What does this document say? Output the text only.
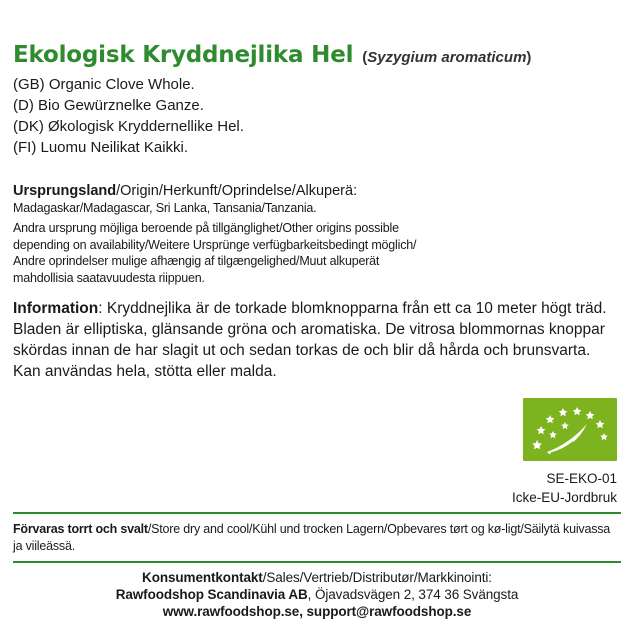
Ekologisk Kryddnejlika Hel (Syzygium aromaticum)
(GB) Organic Clove Whole.
(D) Bio Gewürznelke Ganze.
(DK) Økologisk Kryddernellike Hel.
(FI) Luomu Neilikat Kaikki.
Ursprungsland/Origin/Herkunft/Oprindelse/Alkuperä:
Madagaskar/Madagascar, Sri Lanka, Tansania/Tanzania.
Andra ursprung möjliga beroende på tillgänglighet/Other origins possible
depending on availability/Weitere Ursprünge verfügbarkeitsbedingt möglich/
Andre oprindelser mulige afhængig af tilgængelighed/Muut alkuperät
mahdollisia saatavuudesta riippuen.
Information: Kryddnejlika är de torkade blomknopparna från ett ca 10 meter högt träd. Bladen är elliptiska, glänsande gröna och aromatiska. De vitrosa blommornas knoppar skördas innan de har slagit ut och sedan torkas de och blir då hårda och brunsvarta. Kan användas hela, stötta eller malda.
SE-EKO-01
Icke-EU-Jordbruk
Förvaras torrt och svalt/Store dry and cool/Kühl und trocken Lagern/Opbevares tørt og kø-ligt/Säilytä kuivassa ja viileässä.
Konsumentkontakt/Sales/Vertrieb/Distributør/Markkinointi:
Rawfoodshop Scandinavia AB, Öjavadsvägen 2, 374 36 Svängsta
www.rawfoodshop.se, support@rawfoodshop.se
